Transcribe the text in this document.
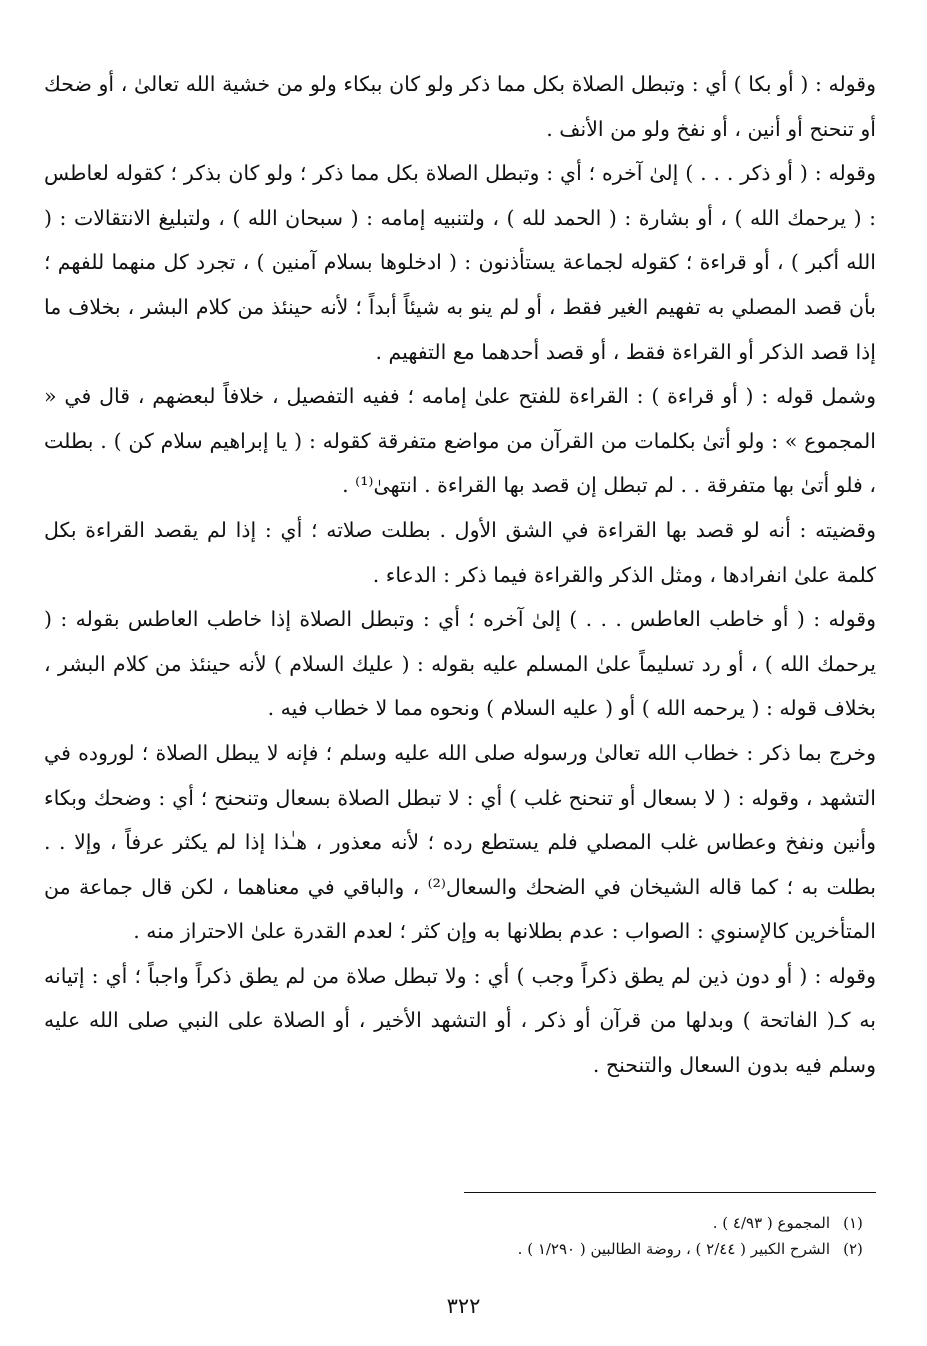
وقوله : ( أو بكا ) أي : وتبطل الصلاة بكل مما ذكر ولو كان ببكاء ولو من خشية الله تعالىٰ ، أو ضحك أو تنحنح أو أنين ، أو نفخ ولو من الأنف .

وقوله : ( أو ذكر . . . ) إلىٰ آخره ؛ أي : وتبطل الصلاة بكل مما ذكر ؛ ولو كان بذكر ؛ كقوله لعاطس : ( يرحمك الله ) ، أو بشارة : ( الحمد لله ) ، ولتنبيه إمامه : ( سبحان الله ) ، ولتبليغ الانتقالات : ( الله أكبر ) ، أو قراءة ؛ كقوله لجماعة يستأذنون : ( ادخلوها بسلام آمنين ) ، تجرد كل منهما للفهم ؛ بأن قصد المصلي به تفهيم الغير فقط ، أو لم ينو به شيئاً أبداً ؛ لأنه حينئذ من كلام البشر ، بخلاف ما إذا قصد الذكر أو القراءة فقط ، أو قصد أحدهما مع التفهيم .

وشمل قوله : ( أو قراءة ) : القراءة للفتح علىٰ إمامه ؛ ففيه التفصيل ، خلافاً لبعضهم ، قال في « المجموع » : ولو أتىٰ بكلمات من القرآن من مواضع متفرقة كقوله : ( يا إبراهيم سلام كن ) . بطلت ، فلو أتىٰ بها متفرقة . . لم تبطل إن قصد بها القراءة . انتهىٰ⁽¹⁾ .

وقضيته : أنه لو قصد بها القراءة في الشق الأول . بطلت صلاته ؛ أي : إذا لم يقصد القراءة بكل كلمة علىٰ انفرادها ، ومثل الذكر والقراءة فيما ذكر : الدعاء .

وقوله : ( أو خاطب العاطس . . . ) إلىٰ آخره ؛ أي : وتبطل الصلاة إذا خاطب العاطس بقوله : ( يرحمك الله ) ، أو رد تسليماً علىٰ المسلم عليه بقوله : ( عليك السلام ) لأنه حينئذ من كلام البشر ، بخلاف قوله : ( يرحمه الله ) أو ( عليه السلام ) ونحوه مما لا خطاب فيه .

وخرج بما ذكر : خطاب الله تعالىٰ ورسوله صلى الله عليه وسلم ؛ فإنه لا يبطل الصلاة ؛ لوروده في التشهد ، وقوله : ( لا بسعال أو تنحنح غلب ) أي : لا تبطل الصلاة بسعال وتنحنح ؛ أي : وضحك وبكاء وأنين ونفخ وعطاس غلب المصلي فلم يستطع رده ؛ لأنه معذور ، هـٰذا إذا لم يكثر عرفاً ، وإلا . . بطلت به ؛ كما قاله الشيخان في الضحك والسعال⁽²⁾ ، والباقي في معناهما ، لكن قال جماعة من المتأخرين كالإسنوي : الصواب : عدم بطلانها به وإن كثر ؛ لعدم القدرة علىٰ الاحتراز منه .

وقوله : ( أو دون ذين لم يطق ذكراً وجب ) أي : ولا تبطل صلاة من لم يطق ذكراً واجباً ؛ أي : إتيانه به كـ( الفاتحة ) وبدلها من قرآن أو ذكر ، أو التشهد الأخير ، أو الصلاة على النبي صلى الله عليه وسلم فيه بدون السعال والتنحنح .

(١)
المجموع ( ٤/٩٣ ) .
(٢)
الشرح الكبير ( ٢/٤٤ ) ، روضة الطالبين ( ١/٢٩٠ ) .
٣٢٢
